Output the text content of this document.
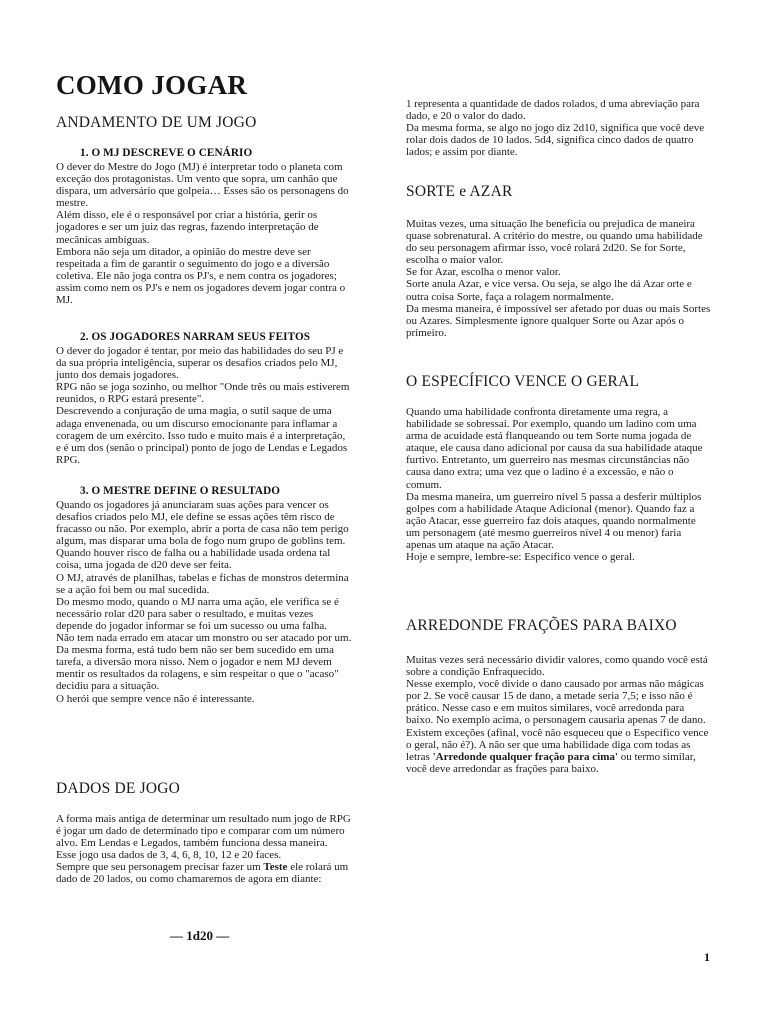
COMO JOGAR
ANDAMENTO DE UM JOGO
1. O MJ DESCREVE O CENÁRIO

O dever do Mestre do Jogo (MJ) é interpretar todo o planeta com exceção dos protagonistas. Um vento que sopra, um canhão que dispara, um adversário que golpeia… Esses são os personagens do mestre.

Além disso, ele é o responsável por criar a história, gerir os jogadores e ser um juiz das regras, fazendo interpretação de mecânicas ambíguas.

Embora não seja um ditador, a opinião do mestre deve ser respeitada a fim de garantir o seguimento do jogo e a diversão coletiva. Ele não joga contra os PJ's, e nem contra os jogadores; assim como nem os PJ's e nem os jogadores devem jogar contra o MJ.

2. OS JOGADORES NARRAM SEUS FEITOS

O dever do jogador é tentar, por meio das habilidades do seu PJ e da sua própria inteligência, superar os desafios criados pelo MJ, junto dos demais jogadores.

RPG não se joga sozinho, ou melhor "Onde três ou mais estiverem reunidos, o RPG estará presente".

Descrevendo a conjuração de uma magia, o sutil saque de uma adaga envenenada, ou um discurso emocionante para inflamar a coragem de um exército. Isso tudo e muito mais é a interpretação, e é um dos (senão o principal) ponto de jogo de Lendas e Legados RPG.

3. O MESTRE DEFINE O RESULTADO

Quando os jogadores já anunciaram suas ações para vencer os desafios criados pelo MJ, ele define se essas ações têm risco de fracasso ou não. Por exemplo, abrir a porta de casa não tem perigo algum, mas disparar uma bola de fogo num grupo de goblins tem.

Quando houver risco de falha ou a habilidade usada ordena tal coisa, uma jogada de d20 deve ser feita.

O MJ, através de planilhas, tabelas e fichas de monstros determina se a ação foi bem ou mal sucedida.

Do mesmo modo, quando o MJ narra uma ação, ele verifica se é necessário rolar d20 para saber o resultado, e muitas vezes depende do jogador informar se foi um sucesso ou uma falha.

Não tem nada errado em atacar um monstro ou ser atacado por um. Da mesma forma, está tudo bem não ser bem sucedido em uma tarefa, a diversão mora nisso. Nem o jogador e nem MJ devem mentir os resultados da rolagens, e sim respeitar o que o "acaso" decidiu para a situação.

O herói que sempre vence não é interessante.

DADOS DE JOGO

A forma mais antiga de determinar um resultado num jogo de RPG é jogar um dado de determinado tipo e comparar com um número alvo. Em Lendas e Legados, também funciona dessa maneira.

Esse jogo usa dados de 3, 4, 6, 8, 10, 12 e 20 faces.

Sempre que seu personagem precisar fazer um Teste ele rolará um dado de 20 lados, ou como chamaremos de agora em diante:

— 1d20 —

1 representa a quantidade de dados rolados, d uma abreviação para dado, e 20 o valor do dado.

Da mesma forma, se algo no jogo diz 2d10, significa que você deve rolar dois dados de 10 lados. 5d4, significa cinco dados de quatro lados; e assim por diante.

SORTE e AZAR

Muitas vezes, uma situação lhe beneficia ou prejudica de maneira quase sobrenatural. A critério do mestre, ou quando uma habilidade do seu personagem afirmar isso, você rolará 2d20. Se for Sorte, escolha o maior valor.

Se for Azar, escolha o menor valor.

Sorte anula Azar, e vice versa. Ou seja, se algo lhe dá Azar orte e outra coisa Sorte, faça a rolagem normalmente.

Da mesma maneira, é impossível ser afetado por duas ou mais Sortes ou Azares. Simplesmente ignore qualquer Sorte ou Azar após o primeiro.

O ESPECÍFICO VENCE O GERAL

Quando uma habilidade confronta diretamente uma regra, a habilidade se sobressai. Por exemplo, quando um ladino com uma arma de acuidade está flanqueando ou tem Sorte numa jogada de ataque, ele causa dano adicional por causa da sua habilidade ataque furtivo. Entretanto, um guerreiro nas mesmas circunstâncias não causa dano extra; uma vez que o ladino é a excessão, e não o comum.

Da mesma maneira, um guerreiro nível 5 passa a desferir múltiplos golpes com a habilidade Ataque Adicional (menor). Quando faz a ação Atacar, esse guerreiro faz dois ataques, quando normalmente um personagem (até mesmo guerreiros nível 4 ou menor) faria apenas um ataque na ação Atacar.

Hoje e sempre, lembre-se: Específico vence o geral.

ARREDONDE FRAÇÕES PARA BAIXO

Muitas vezes será necessário dividir valores, como quando você está sobre a condição Enfraquecido.

Nesse exemplo, você divide o dano causado por armas não mágicas por 2. Se você causar 15 de dano, a metade seria 7,5; e isso não é prático. Nesse caso e em muitos similares, você arredonda para baixo. No exemplo acima, o personagem causaria apenas 7 de dano.

Existem exceções (afinal, você não esqueceu que o Específico vence o geral, não é?). A não ser que uma habilidade diga com todas as letras 'Arredonde qualquer fração para cima' ou termo similar, você deve arredondar as frações para baixo.

1
